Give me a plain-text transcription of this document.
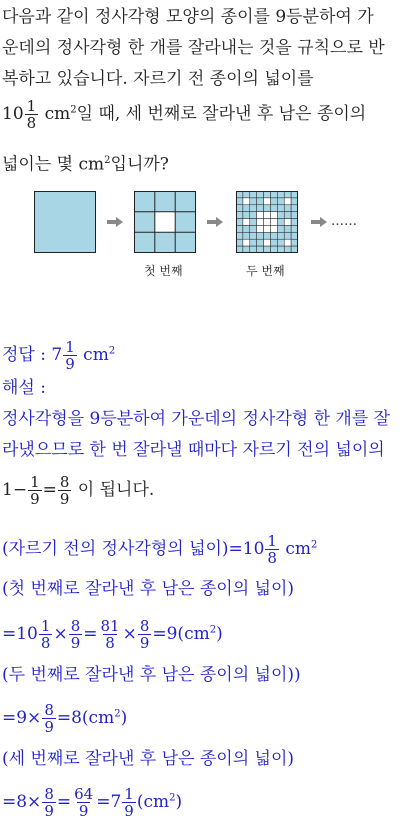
다음과 같이 정사각형 모양의 종이를 9등분하여 가
운데의 정사각형 한 개를 잘라내는 것을 규칙으로 반
복하고 있습니다. 자르기 전 종이의 넓이를
$10 \frac{1}{8} cm^2$일 때, 세 번째로 잘라낸 후 남은 종이의
넓이는 몇 $cm^2$입니까?
……
첫 번째	두 번째
정답 : $7 \frac{1}{9} cm^2$
해설 :
정사각형을 9등분하여 가운데의 정사각형 한 개를 잘
라냈으므로 한 번 잘라낼 때마다 자르기 전의 넓이의
$1- \frac{1}{9} = \frac{8}{9}$ 이 됩니다.
(자르기 전의 정사각형의 넓이)$=10 \frac{1}{8} cm^2$
(첫 번째로 잘라낸 후 남은 종이의 넓이)
$=10 \frac{1}{8} \times \frac{8}{9} = \frac{81}{8} \times \frac{8}{9} =9(cm^2)$
(두 번째로 잘라낸 후 남은 종이의 넓이))
$=9\times \frac{8}{9} =8(cm^2)$
(세 번째로 잘라낸 후 남은 종이의 넓이)
$=8\times \frac{8}{9} = \frac{64}{9} =7 \frac{1}{9} (cm^2)$
